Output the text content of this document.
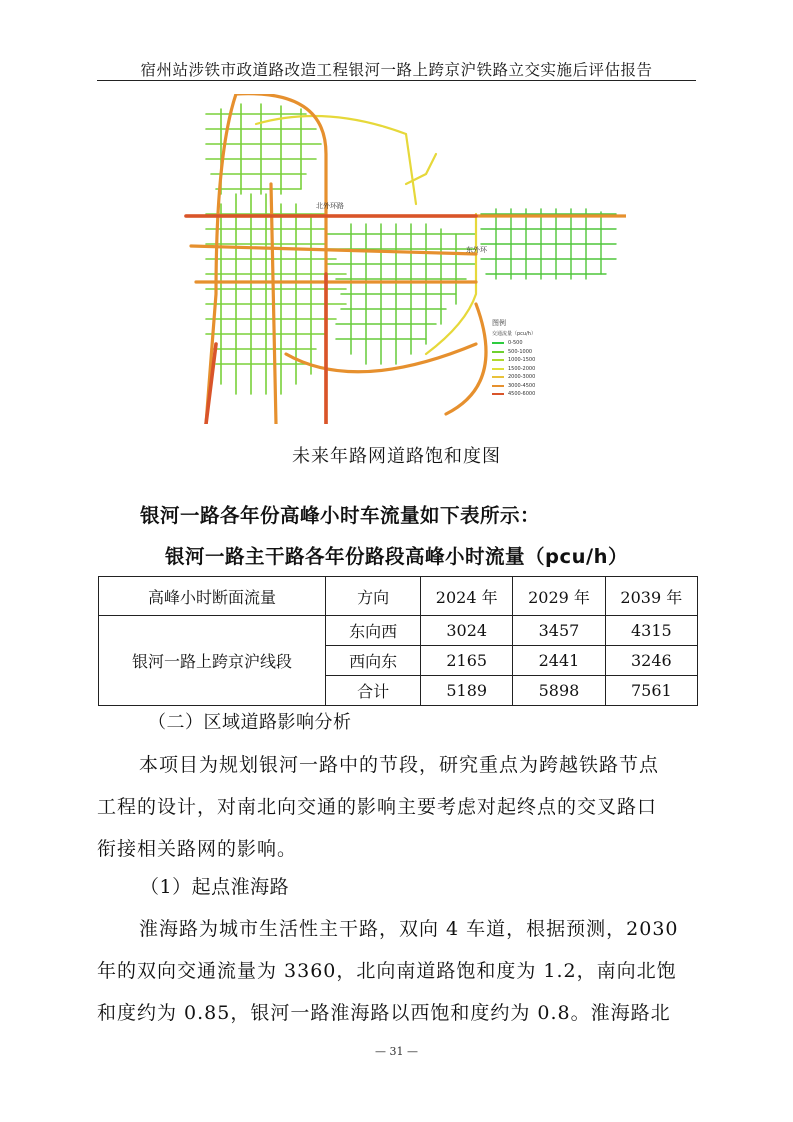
宿州站涉铁市政道路改造工程银河一路上跨京沪铁路立交实施后评估报告
北外环路
东外环
图例
交通流量（pcu/h）
0-500
500-1000
1000-1500
1500-2000
2000-3000
3000-4500
4500-6000
未来年路网道路饱和度图
银河一路各年份高峰小时车流量如下表所示：
银河一路主干路各年份路段高峰小时流量（pcu/h）
高峰小时断面流量	方向	2024 年	2029 年	2039 年
银河一路上跨京沪线段	东向西	3024	3457	4315
	西向东	2165	2441	3246
	合计	5189	5898	7561
（二）区域道路影响分析
本项目为规划银河一路中的节段，研究重点为跨越铁路节点
工程的设计，对南北向交通的影响主要考虑对起终点的交叉路口
衔接相关路网的影响。
（1）起点淮海路
淮海路为城市生活性主干路，双向 4 车道，根据预测，2030
年的双向交通流量为 3360，北向南道路饱和度为 1.2，南向北饱
和度约为 0.85，银河一路淮海路以西饱和度约为 0.8。淮海路北
— 31 —
